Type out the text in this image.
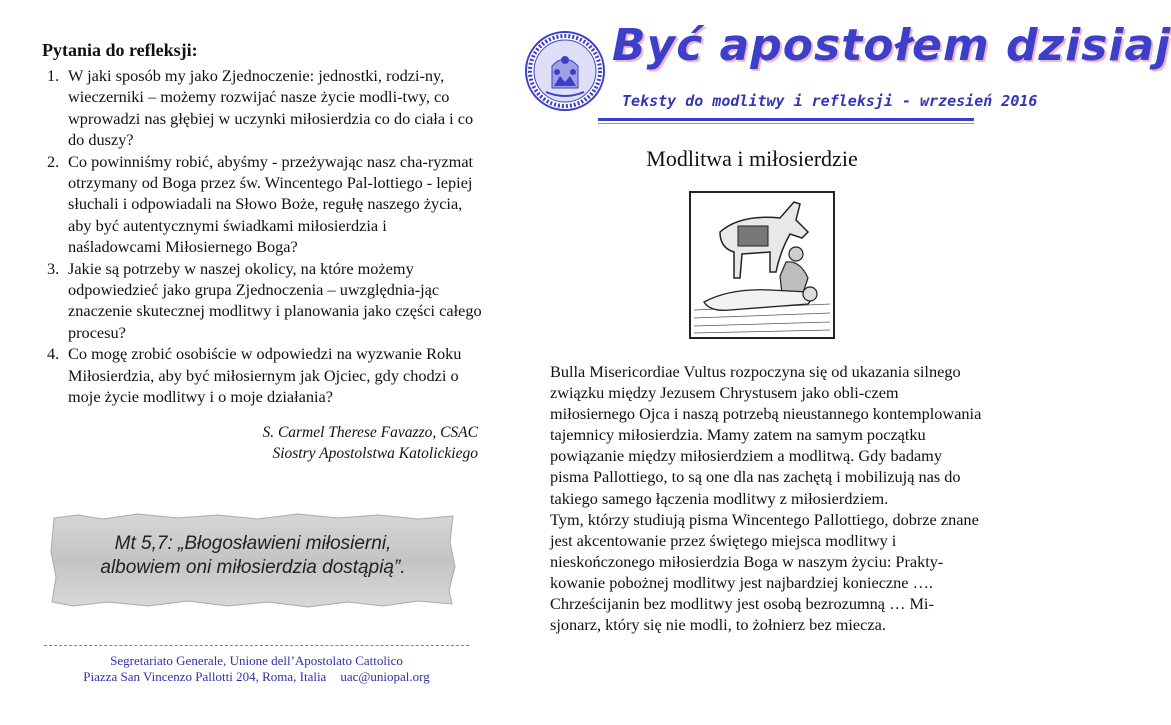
Pytania do refleksji:
1. W jaki sposób my jako Zjednoczenie: jednostki, rodzi-ny, wieczerniki – możemy rozwijać nasze życie modli-twy, co wprowadzi nas głębiej w uczynki miłosierdzia co do ciała i co do duszy?
2. Co powinniśmy robić, abyśmy - przeżywając nasz cha-ryzmat otrzymany od Boga przez św. Wincentego Pal-lottiego - lepiej słuchali i odpowiadali na Słowo Boże, regułę naszego życia, aby być autentycznymi świadkami miłosierdzia i naśladowcami Miłosiernego Boga?
3. Jakie są potrzeby w naszej okolicy, na które możemy odpowiedzieć jako grupa Zjednoczenia – uwzględnia-jąc znaczenie skutecznej modlitwy i planowania jako części całego procesu?
4. Co mogę zrobić osobiście w odpowiedzi na wyzwanie Roku Miłosierdzia, aby być miłosiernym jak Ojciec, gdy chodzi o moje życie modlitwy i o moje działania?
S. Carmel Therese Favazzo, CSAC
Siostry Apostolstwa Katolickiego
Mt 5,7: „Błogosławieni miłosierni,
albowiem oni miłosierdzia dostąpią”.
Segretariato Generale, Unione dell’Apostolato Cattolico
Piazza San Vincenzo Pallotti 204, Roma, Italia uac@uniopal.org
Być apostołem dzisiaj
Teksty do modlitwy i refleksji - wrzesień 2016
Modlitwa i miłosierdzie

Bulla Misericordiae Vultus rozpoczyna się od ukazania silnego związku między Jezusem Chrystusem jako obli-czem miłosiernego Ojca i naszą potrzebą nieustannego kontemplowania tajemnicy miłosierdzia. Mamy zatem na samym początku powiązanie między miłosierdziem a modlitwą. Gdy badamy pisma Pallottiego, to są one dla nas zachętą i mobilizują nas do takiego samego łączenia modlitwy z miłosierdziem.

Tym, którzy studiują pisma Wincentego Pallottiego, dobrze znane jest akcentowanie przez świętego miejsca modlitwy i nieskończonego miłosierdzia Boga w naszym życiu: Prakty-kowanie pobożnej modlitwy jest najbardziej konieczne …. Chrześcijanin bez modlitwy jest osobą bezrozumną … Mi-sjonarz, który się nie modli, to żołnierz bez miecza.
